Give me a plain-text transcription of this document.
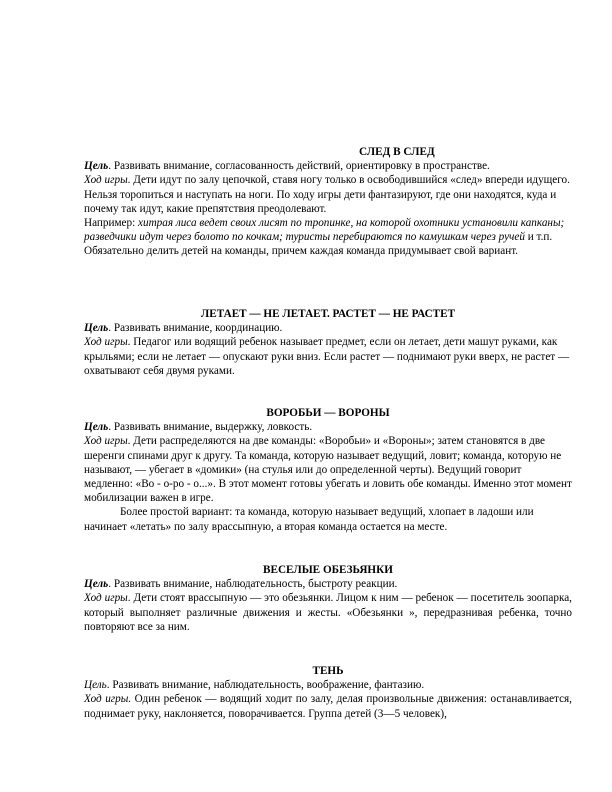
СЛЕД В СЛЕД

Цель. Развивать внимание, согласованность действий, ориентировку в пространстве.

Ход игры. Дети идут по залу цепочкой, ставя ногу только в освободившийся «след» впереди идущего. Нельзя торопиться и наступать на ноги. По ходу игры дети фантазируют, где они находятся, куда и почему так идут, какие препятствия преодолевают.

Например: хитрая лиса ведет своих лисят по тропинке, на которой охотники установили капканы; разведчики идут через болото по кочкам; туристы перебираются по камушкам через ручей и т.п.

Обязательно делить детей на команды, причем каждая команда придумывает свой вариант.

ЛЕТАЕТ — НЕ ЛЕТАЕТ. РАСТЕТ — НЕ РАСТЕТ

Цель. Развивать внимание, координацию.

Ход игры. Педагог или водящий ребенок называет предмет, если он летает, дети машут руками, как крыльями; если не летает — опускают руки вниз. Если растет — поднимают руки вверх, не растет — охватывают себя двумя руками.

ВОРОБЬИ — ВОРОНЫ

Цель. Развивать внимание, выдержку, ловкость.

Ход игры. Дети распределяются на две команды: «Воробьи» и «Вороны»; затем становятся в две шеренги спинами друг к другу. Та команда, которую называет ведущий, ловит; команда, которую не называют, — убегает в «домики» (на стулья или до определенной черты). Ведущий говорит медленно: «Во - о-ро - о...». В этот момент готовы убегать и ловить обе команды. Именно этот момент мобилизации важен в игре.

Более простой вариант: та команда, которую называет ведущий, хлопает в ладоши или начинает «летать» по залу врассыпную, а вторая команда остается на месте.

ВЕСЕЛЫЕ ОБЕЗЬЯНКИ

Цель. Развивать внимание, наблюдательность, быстроту реакции.

Ход игры. Дети стоят врассыпную — это обезьянки. Лицом к ним — ребенок — посетитель зоопарка, который выполняет различные движения и жесты. «Обезьянки », передразнивая ребенка, точно повторяют все за ним.

ТЕНЬ

Цель. Развивать внимание, наблюдательность, воображение, фантазию.

Ход игры. Один ребенок — водящий ходит по залу, делая произвольные движения: останавливается, поднимает руку, наклоняется, поворачивается. Группа детей (3—5 человек),
